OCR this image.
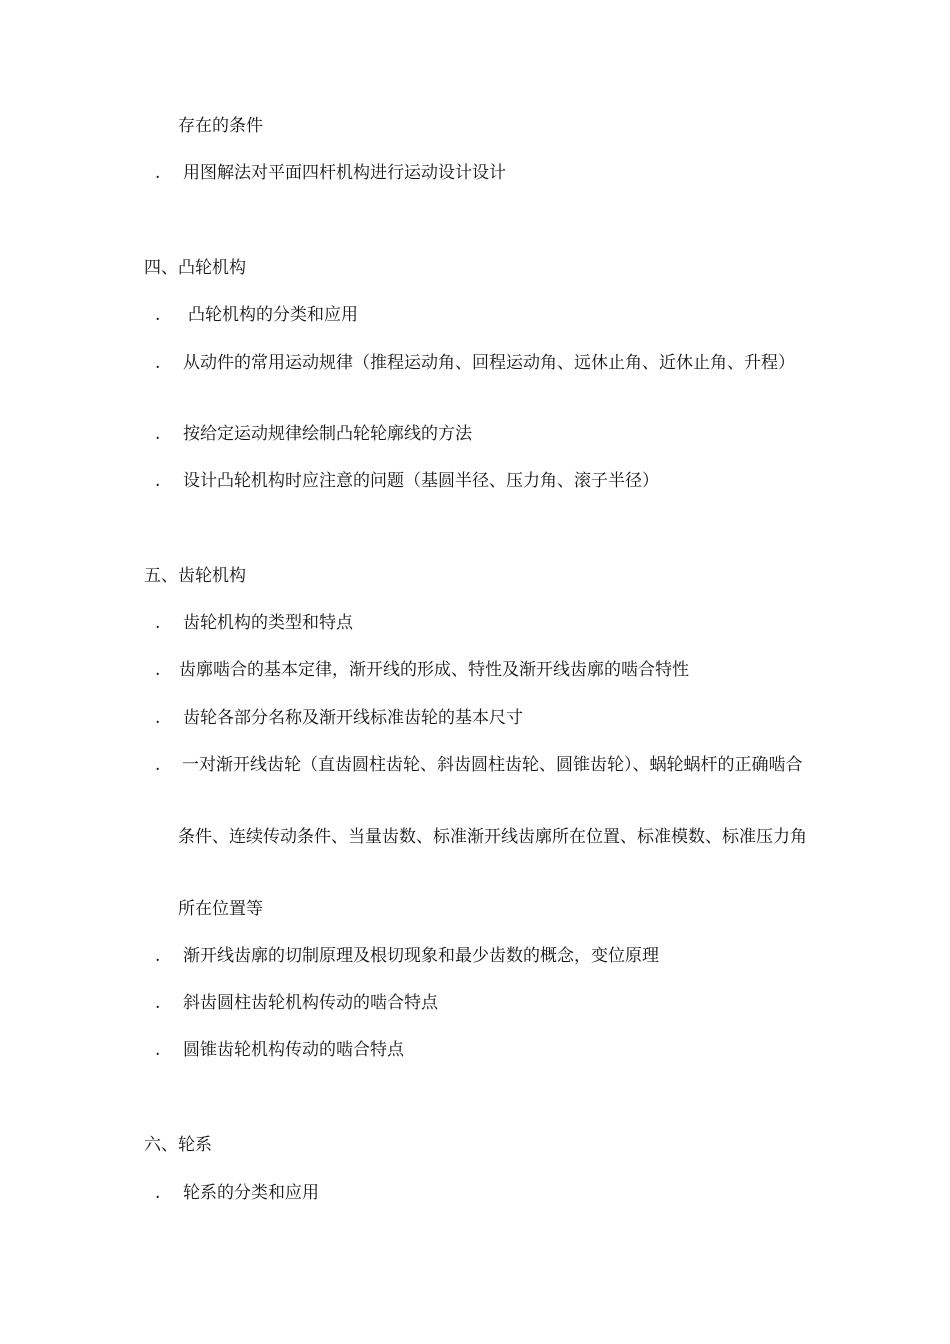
存在的条件
. 用图解法对平面四杆机构进行运动设计设计
四、凸轮机构
. 凸轮机构的分类和应用
.	从动件的常用运动规律（推程运动角、回程运动角、远休止角、近休止角、升程）
. 按给定运动规律绘制凸轮轮廓线的方法
. 设计凸轮机构时应注意的问题（基圆半径、压力角、滚子半径）
五、齿轮机构
. 齿轮机构的类型和特点
. 齿廓啮合的基本定律，渐开线的形成、特性及渐开线齿廓的啮合特性
. 齿轮各部分名称及渐开线标准齿轮的基本尺寸
.	一对渐开线齿轮（直齿圆柱齿轮、斜齿圆柱齿轮、圆锥齿轮）、蜗轮蜗杆的正确啮合
条件、连续传动条件、当量齿数、标准渐开线齿廓所在位置、标准模数、标准压力角
所在位置等
. 渐开线齿廓的切制原理及根切现象和最少齿数的概念，变位原理
. 斜齿圆柱齿轮机构传动的啮合特点
. 圆锥齿轮机构传动的啮合特点
六、轮系
. 轮系的分类和应用
